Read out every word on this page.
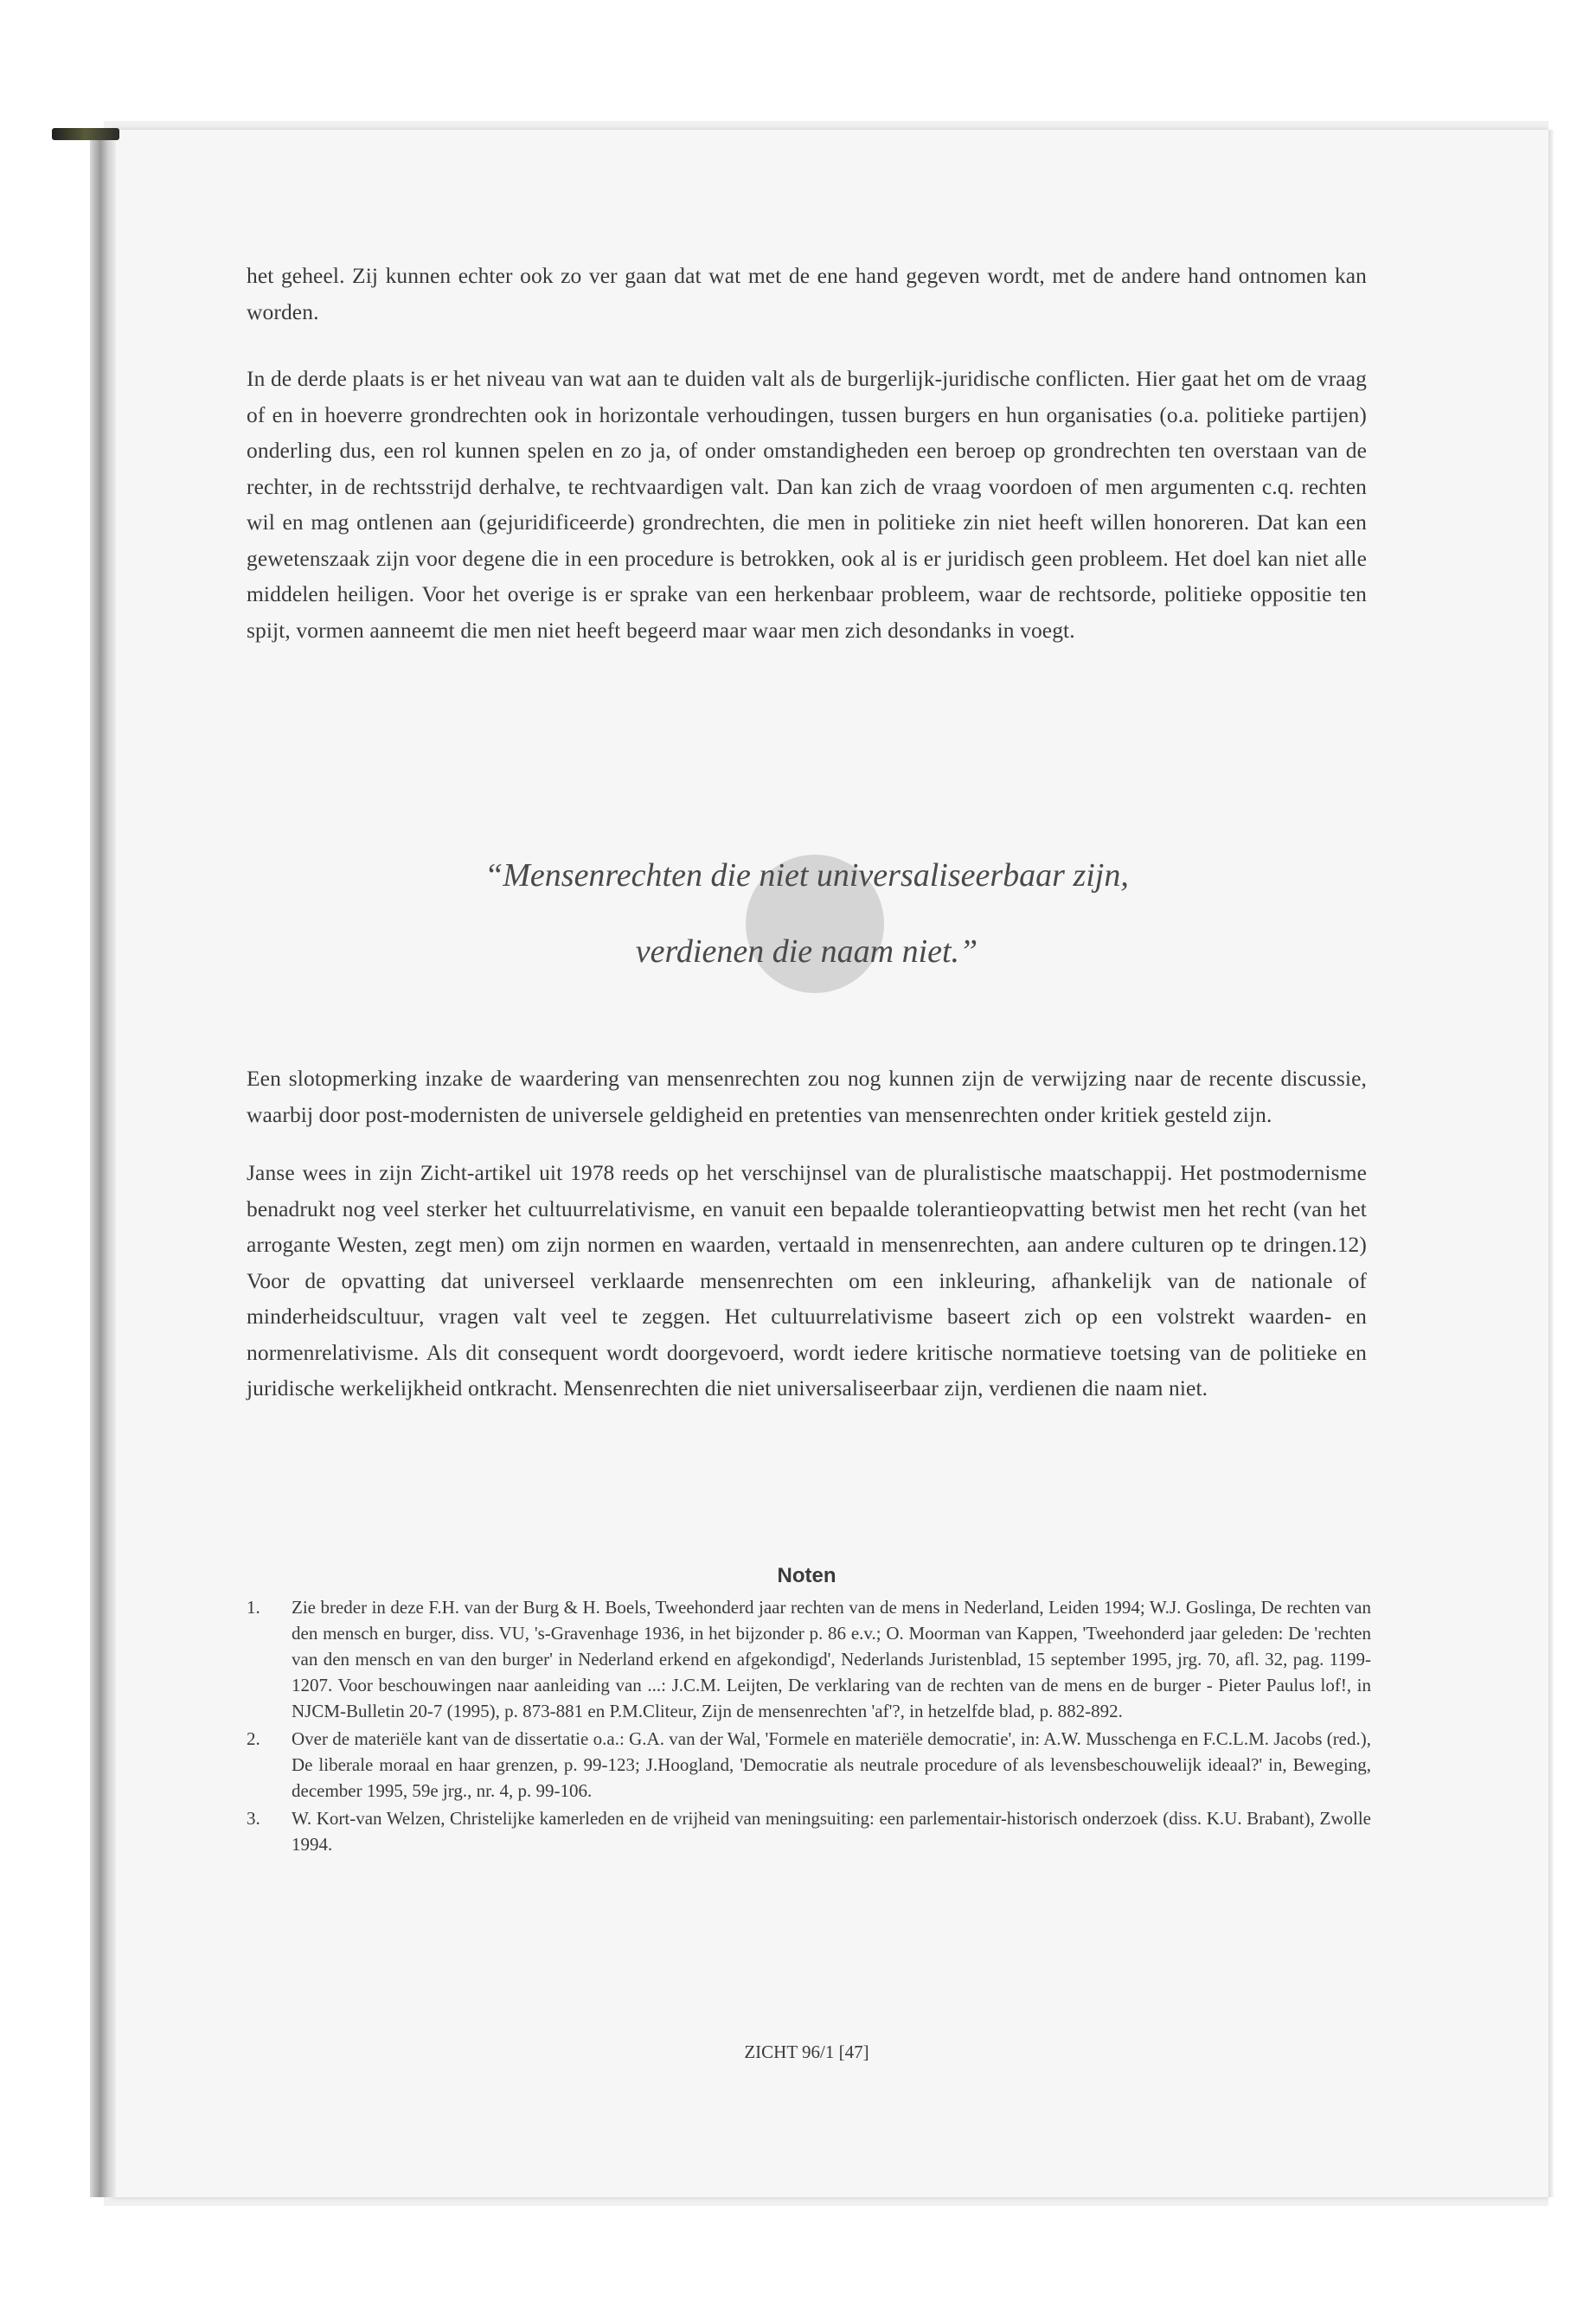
het geheel. Zij kunnen echter ook zo ver gaan dat wat met de ene hand gegeven wordt, met de andere hand ontnomen kan worden.

In de derde plaats is er het niveau van wat aan te duiden valt als de burgerlijk-juridische conflicten. Hier gaat het om de vraag of en in hoeverre grondrechten ook in horizontale verhoudingen, tussen burgers en hun organisaties (o.a. politieke partijen) onderling dus, een rol kunnen spelen en zo ja, of onder omstandigheden een beroep op grondrechten ten overstaan van de rechter, in de rechtsstrijd derhalve, te rechtvaardigen valt. Dan kan zich de vraag voordoen of men argumenten c.q. rechten wil en mag ontlenen aan (gejuridificeerde) grondrechten, die men in politieke zin niet heeft willen honoreren. Dat kan een gewetenszaak zijn voor degene die in een procedure is betrokken, ook al is er juridisch geen probleem. Het doel kan niet alle middelen heiligen. Voor het overige is er sprake van een herkenbaar probleem, waar de rechtsorde, politieke oppositie ten spijt, vormen aanneemt die men niet heeft begeerd maar waar men zich desondanks in voegt.

“Mensenrechten die niet universaliseerbaar zijn,

verdienen die naam niet.”

Een slotopmerking inzake de waardering van mensenrechten zou nog kunnen zijn de verwijzing naar de recente discussie, waarbij door post-modernisten de universele geldigheid en pretenties van mensenrechten onder kritiek gesteld zijn.

Janse wees in zijn Zicht-artikel uit 1978 reeds op het verschijnsel van de pluralistische maatschappij. Het postmodernisme benadrukt nog veel sterker het cultuurrelativisme, en vanuit een bepaalde tolerantieopvatting betwist men het recht (van het arrogante Westen, zegt men) om zijn normen en waarden, vertaald in mensenrechten, aan andere culturen op te dringen.12) Voor de opvatting dat universeel verklaarde mensenrechten om een inkleuring, afhankelijk van de nationale of minderheidscultuur, vragen valt veel te zeggen. Het cultuurrelativisme baseert zich op een volstrekt waarden- en normenrelativisme. Als dit consequent wordt doorgevoerd, wordt iedere kritische normatieve toetsing van de politieke en juridische werkelijkheid ontkracht. Mensenrechten die niet universaliseerbaar zijn, verdienen die naam niet.

Noten
1.	Zie breder in deze F.H. van der Burg & H. Boels, Tweehonderd jaar rechten van de mens in Nederland, Leiden 1994; W.J. Goslinga, De rechten van den mensch en burger, diss. VU, 's-Gravenhage 1936, in het bijzonder p. 86 e.v.; O. Moorman van Kappen, 'Tweehonderd jaar geleden: De 'rechten van den mensch en van den burger' in Nederland erkend en afgekondigd', Nederlands Juristenblad, 15 september 1995, jrg. 70, afl. 32, pag. 1199-1207. Voor beschouwingen naar aanleiding van ...: J.C.M. Leijten, De verklaring van de rechten van de mens en de burger - Pieter Paulus lof!, in NJCM-Bulletin 20-7 (1995), p. 873-881 en P.M.Cliteur, Zijn de mensenrechten 'af'?, in hetzelfde blad, p. 882-892.
2.	Over de materiële kant van de dissertatie o.a.: G.A. van der Wal, 'Formele en materiële democratie', in: A.W. Musschenga en F.C.L.M. Jacobs (red.), De liberale moraal en haar grenzen, p. 99-123; J.Hoogland, 'Democratie als neutrale procedure of als levensbeschouwelijk ideaal?' in, Beweging, december 1995, 59e jrg., nr. 4, p. 99-106.
3.	W. Kort-van Welzen, Christelijke kamerleden en de vrijheid van meningsuiting: een parlementair-historisch onderzoek (diss. K.U. Brabant), Zwolle 1994.

ZICHT 96/1 [47]
